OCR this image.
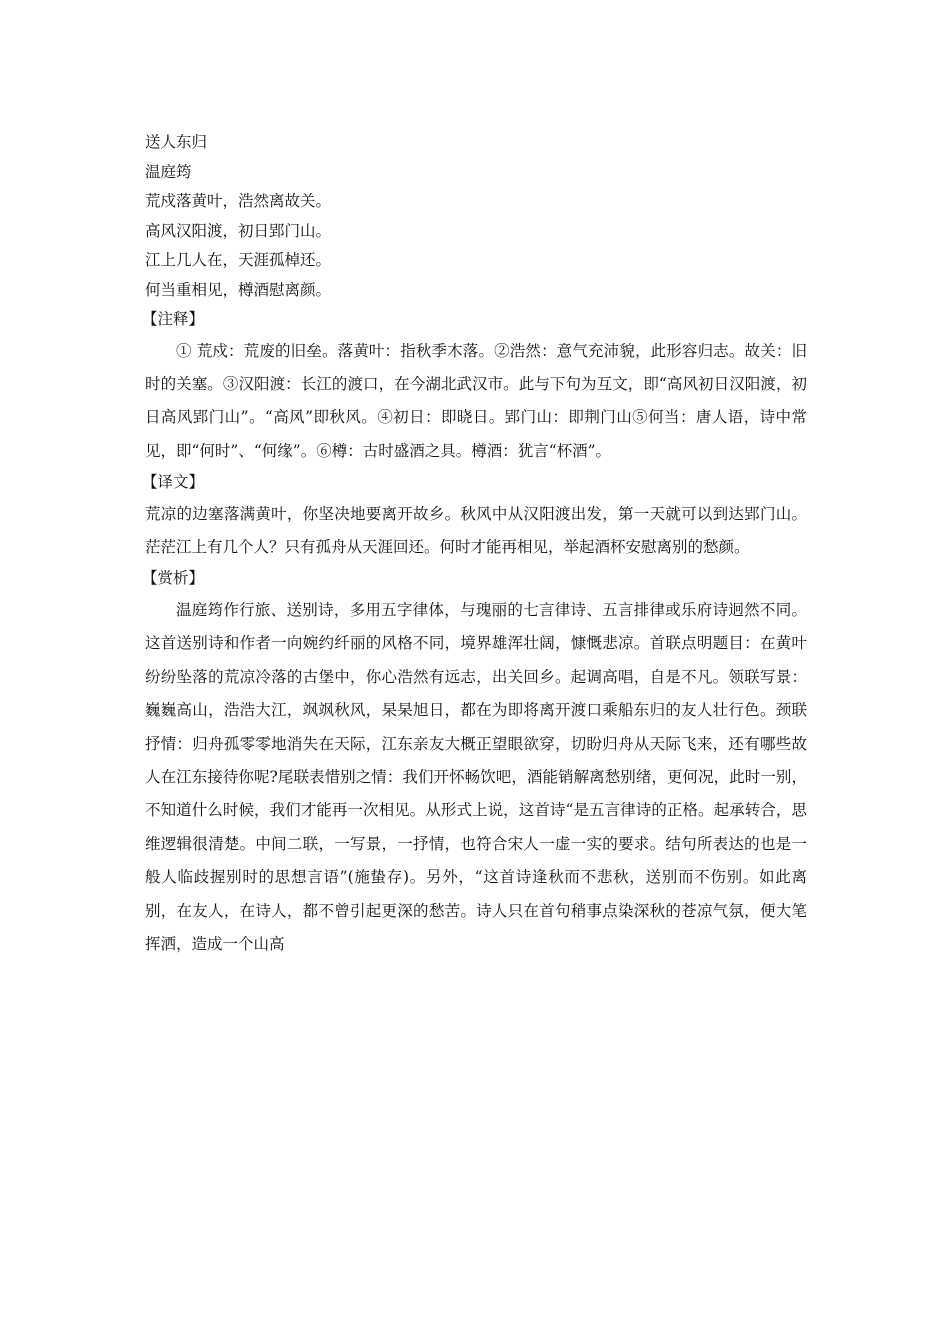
送人东归
温庭筠
荒戍落黄叶，浩然离故关。
高风汉阳渡，初日郢门山。
江上几人在，天涯孤棹还。
何当重相见，樽酒慰离颜。
【注释】

① 荒戍：荒废的旧垒。落黄叶：指秋季木落。②浩然：意气充沛貌，此形容归志。故关：旧时的关塞。③汉阳渡：长江的渡口，在今湖北武汉市。此与下句为互文，即“高风初日汉阳渡，初日高风郢门山”。“高风”即秋风。④初日：即晓日。郢门山：即荆门山⑤何当：唐人语，诗中常见，即“何时”、“何缘”。⑥樽：古时盛酒之具。樽酒：犹言“杯酒”。

【译文】

荒凉的边塞落满黄叶，你坚决地要离开故乡。秋风中从汉阳渡出发，第一天就可以到达郢门山。茫茫江上有几个人？只有孤舟从天涯回还。何时才能再相见，举起酒杯安慰离别的愁颜。

【赏析】

温庭筠作行旅、送别诗，多用五字律体，与瑰丽的七言律诗、五言排律或乐府诗迥然不同。这首送别诗和作者一向婉约纤丽的风格不同，境界雄浑壮阔，慷慨悲凉。首联点明题目：在黄叶纷纷坠落的荒凉冷落的古堡中，你心浩然有远志，出关回乡。起调高唱，自是不凡。领联写景：巍巍高山，浩浩大江，飒飒秋风，杲杲旭日，都在为即将离开渡口乘船东归的友人壮行色。颈联抒情：归舟孤零零地消失在天际，江东亲友大概正望眼欲穿，切盼归舟从天际飞来，还有哪些故人在江东接待你呢?尾联表惜别之情：我们开怀畅饮吧，酒能销解离愁别绪，更何况，此时一别，不知道什么时候，我们才能再一次相见。从形式上说，这首诗“是五言律诗的正格。起承转合，思维逻辑很清楚。中间二联，一写景，一抒情，也符合宋人一虚一实的要求。结句所表达的也是一般人临歧握别时的思想言语”(施蛰存)。另外，“这首诗逢秋而不悲秋，送别而不伤别。如此离别，在友人，在诗人，都不曾引起更深的愁苦。诗人只在首句稍事点染深秋的苍凉气氛，便大笔挥洒，造成一个山高
